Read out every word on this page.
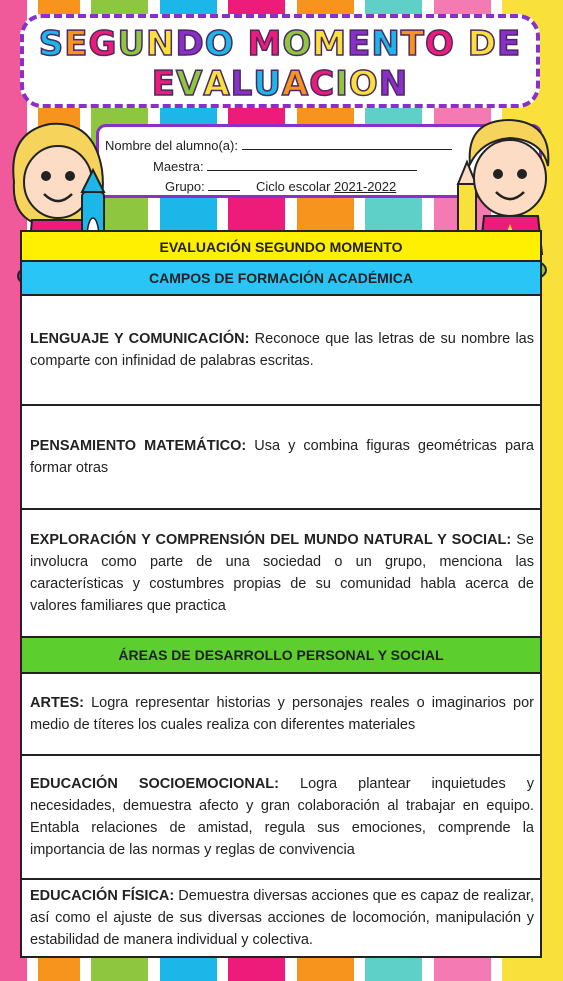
SEGUNDO MOMENTO DE
EVALUACION
Nombre del alumno(a):
Maestra:
Grupo:	Ciclo escolar 2021-2022
EVALUACIÓN SEGUNDO MOMENTO
CAMPOS DE FORMACIÓN ACADÉMICA
LENGUAJE Y COMUNICACIÓN: Reconoce que las letras de su nombre las comparte con infinidad de palabras escritas.
PENSAMIENTO MATEMÁTICO: Usa y combina figuras geométricas para formar otras
EXPLORACIÓN Y COMPRENSIÓN DEL MUNDO NATURAL Y SOCIAL: Se involucra como parte de una sociedad o un grupo, menciona las características y costumbres propias de su comunidad habla acerca de valores familiares que practica
ÁREAS DE DESARROLLO PERSONAL Y SOCIAL
ARTES: Logra representar historias y personajes reales o imaginarios por medio de títeres los cuales realiza con diferentes materiales
EDUCACIÓN SOCIOEMOCIONAL: Logra plantear inquietudes y necesidades, demuestra afecto y gran colaboración al trabajar en equipo. Entabla relaciones de amistad, regula sus emociones, comprende la importancia de las normas y reglas de convivencia
EDUCACIÓN FÍSICA: Demuestra diversas acciones que es capaz de realizar, así como el ajuste de sus diversas acciones de locomoción, manipulación y estabilidad de manera individual y colectiva.
